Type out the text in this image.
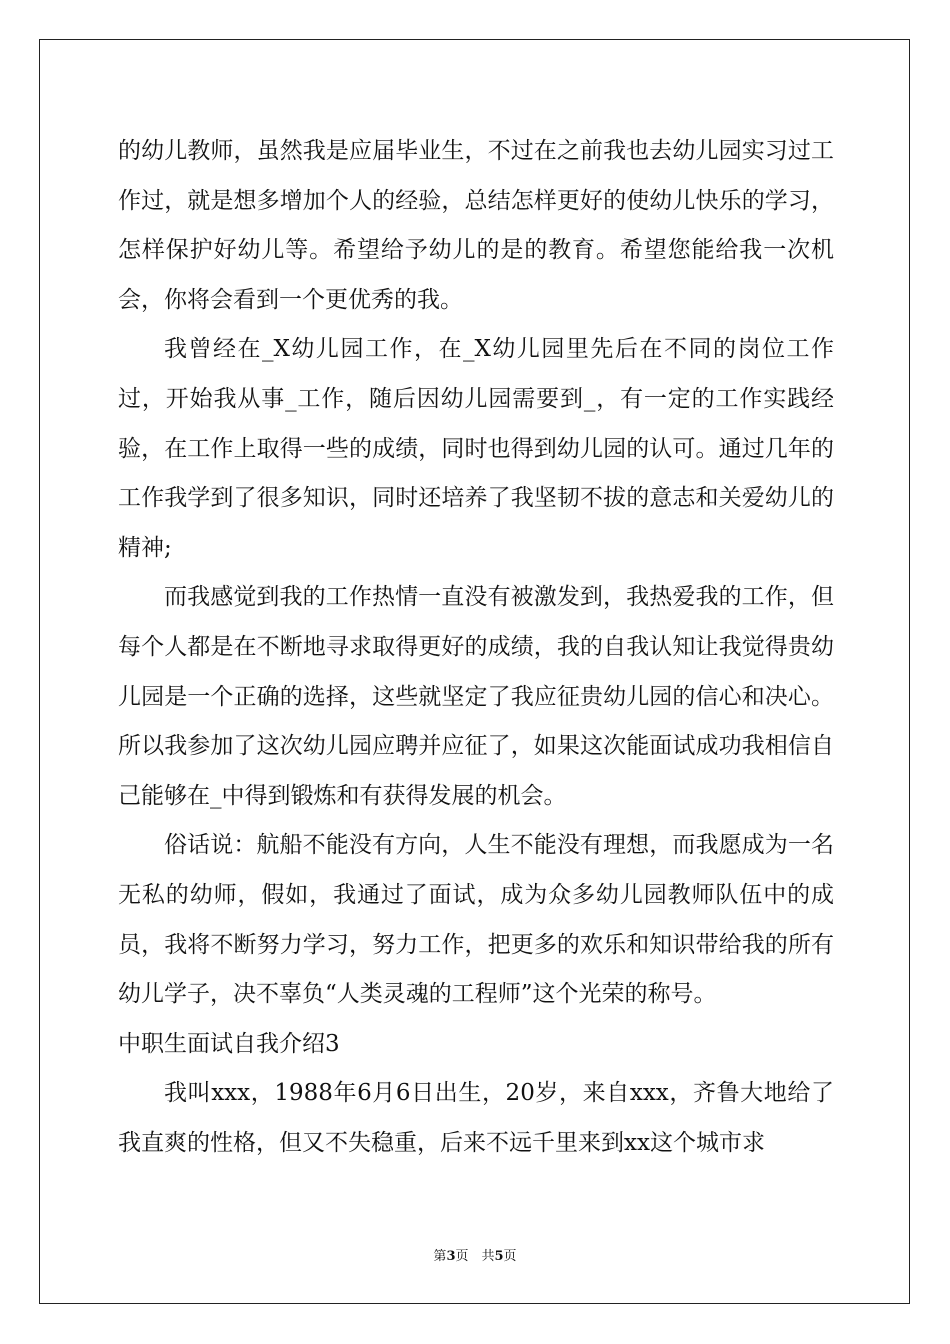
的幼儿教师，虽然我是应届毕业生，不过在之前我也去幼儿园实习过工作过，就是想多增加个人的经验，总结怎样更好的使幼儿快乐的学习，怎样保护好幼儿等。希望给予幼儿的是的教育。希望您能给我一次机会，你将会看到一个更优秀的我。

我曾经在_X幼儿园工作，在_X幼儿园里先后在不同的岗位工作过，开始我从事_工作，随后因幼儿园需要到_，有一定的工作实践经验，在工作上取得一些的成绩，同时也得到幼儿园的认可。通过几年的工作我学到了很多知识，同时还培养了我坚韧不拔的意志和关爱幼儿的精神;

而我感觉到我的工作热情一直没有被激发到，我热爱我的工作，但每个人都是在不断地寻求取得更好的成绩，我的自我认知让我觉得贵幼儿园是一个正确的选择，这些就坚定了我应征贵幼儿园的信心和决心。所以我参加了这次幼儿园应聘并应征了，如果这次能面试成功我相信自己能够在_中得到锻炼和有获得发展的机会。

俗话说：航船不能没有方向，人生不能没有理想，而我愿成为一名无私的幼师，假如，我通过了面试，成为众多幼儿园教师队伍中的成员，我将不断努力学习，努力工作，把更多的欢乐和知识带给我的所有幼儿学子，决不辜负“人类灵魂的工程师”这个光荣的称号。

中职生面试自我介绍3

我叫xxx，1988年6月6日出生，20岁，来自xxx，齐鲁大地给了我直爽的性格，但又不失稳重，后来不远千里来到xx这个城市求

第3页　共5页
